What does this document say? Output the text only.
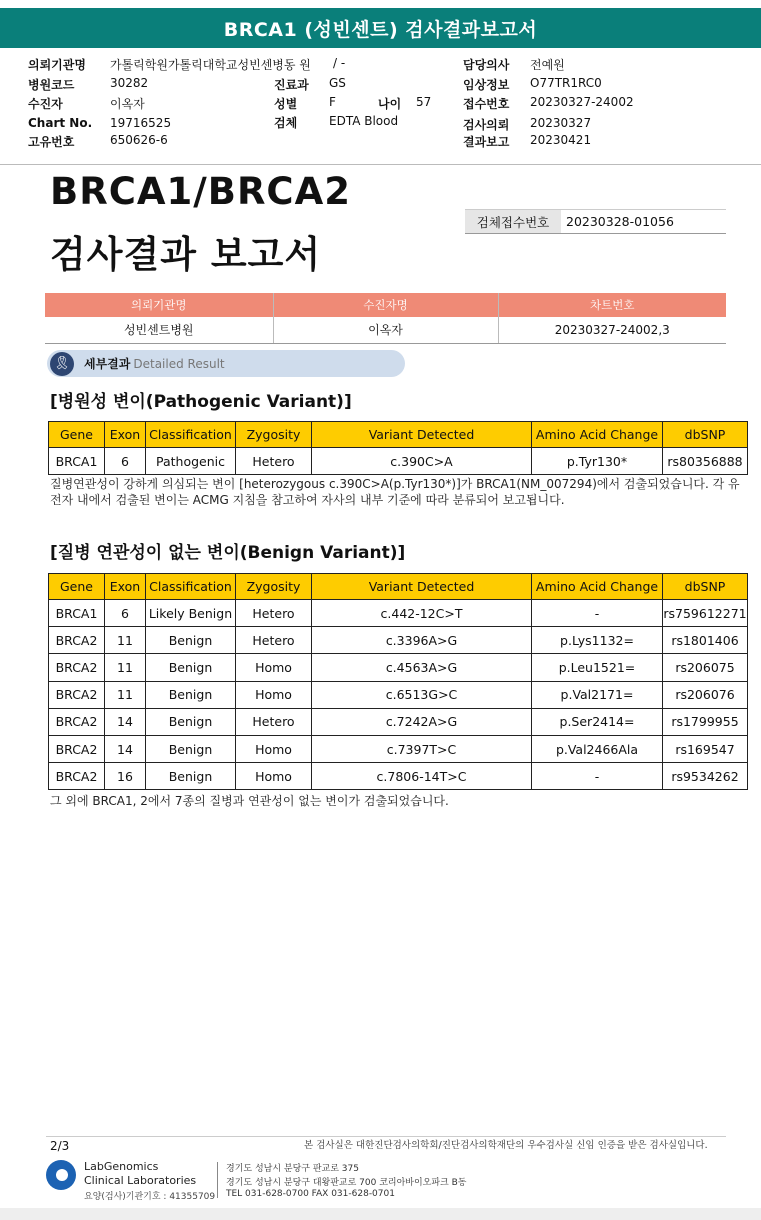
BRCA1 (성빈센트) 검사결과보고서
의뢰기관명 가톨릭학원가톨릭대학교성빈센병동 원 / -	담당의사 전예원
병원코드	30282	진료과 GS	임상정보 O77TR1RC0
수진자	이옥자	성별	F	나이 57	접수번호 20230327-24002
Chart No. 19716525	검체	EDTA Blood	검사의뢰 20230327
고유번호	650626-6	결과보고 20230421
BRCA1/BRCA2
검사결과 보고서
검체접수번호	20230328-01056
의뢰기관명	수진자명	차트번호
성빈센트병원	이옥자	20230327-24002,3
🎗	세부결과 Detailed Result
[병원성 변이(Pathogenic Variant)]
Gene	Exon	Classification	Zygosity	Variant Detected	Amino Acid Change	dbSNP
BRCA1	6	Pathogenic	Hetero	c.390C>A	p.Tyr130*	rs80356888
질병연관성이 강하게 의심되는 변이 [heterozygous c.390C>A(p.Tyr130*)]가 BRCA1(NM_007294)에서 검출되었습니다. 각 유전자 내에서 검출된 변이는 ACMG 지침을 참고하여 자사의 내부 기준에 따라 분류되어 보고됩니다.
[질병 연관성이 없는 변이(Benign Variant)]
Gene	Exon	Classification	Zygosity	Variant Detected	Amino Acid Change	dbSNP
BRCA1	6	Likely Benign	Hetero	c.442-12C>T	-	rs759612271
BRCA2	11	Benign	Hetero	c.3396A>G	p.Lys1132=	rs1801406
BRCA2	11	Benign	Homo	c.4563A>G	p.Leu1521=	rs206075
BRCA2	11	Benign	Homo	c.6513G>C	p.Val2171=	rs206076
BRCA2	14	Benign	Hetero	c.7242A>G	p.Ser2414=	rs1799955
BRCA2	14	Benign	Homo	c.7397T>C	p.Val2466Ala	rs169547
BRCA2	16	Benign	Homo	c.7806-14T>C	-	rs9534262
그 외에 BRCA1, 2에서 7종의 질병과 연관성이 없는 변이가 검출되었습니다.
2/3	본 검사실은 대한진단검사의학회/진단검사의학재단의 우수검사실 신임 인증을 받은 검사실입니다.
LabGenomics
Clinical Laboratories
요양(검사)기관기호 : 41355709
경기도 성남시 분당구 판교로 375
경기도 성남시 분당구 대왕판교로 700 코리아바이오파크 B동
TEL 031-628-0700 FAX 031-628-0701
